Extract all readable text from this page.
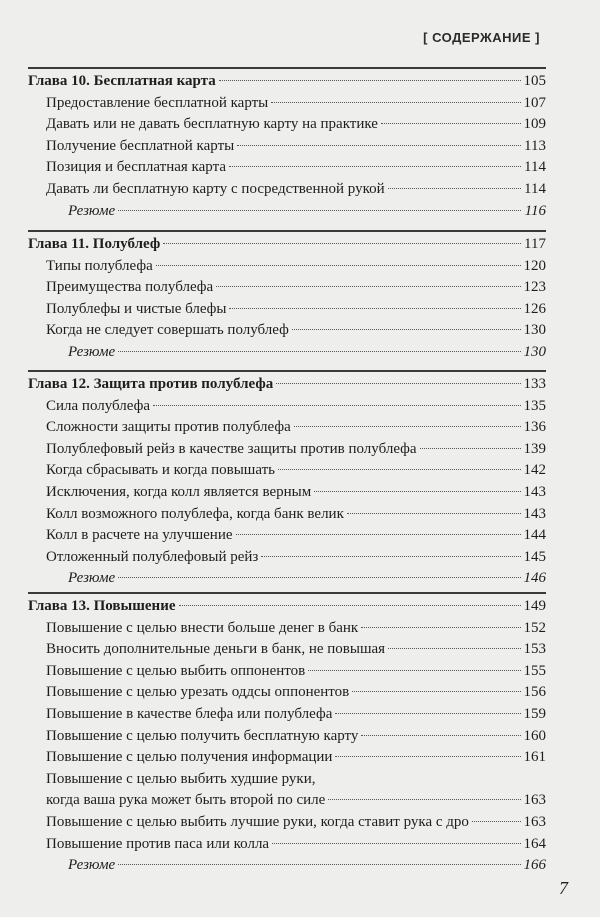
[ СОДЕРЖАНИЕ ]
Глава 10. Бесплатная карта	105
Предоставление бесплатной карты	107
Давать или не давать бесплатную карту на практике	109
Получение бесплатной карты	113
Позиция и бесплатная карта	114
Давать ли бесплатную карту с посредственной рукой	114
Резюме	116
Глава 11. Полублеф	117
Типы полублефа	120
Преимущества полублефа	123
Полублефы и чистые блефы	126
Когда не следует совершать полублеф	130
Резюме	130
Глава 12. Защита против полублефа	133
Сила полублефа	135
Сложности защиты против полублефа	136
Полублефовый рейз в качестве защиты против полублефа	139
Когда сбрасывать и когда повышать	142
Исключения, когда колл является верным	143
Колл возможного полублефа, когда банк велик	143
Колл в расчете на улучшение	144
Отложенный полублефовый рейз	145
Резюме	146
Глава 13. Повышение	149
Повышение с целью внести больше денег в банк	152
Вносить дополнительные деньги в банк, не повышая	153
Повышение с целью выбить оппонентов	155
Повышение с целью урезать оддсы оппонентов	156
Повышение в качестве блефа или полублефа	159
Повышение с целью получить бесплатную карту	160
Повышение с целью получения информации	161
Повышение с целью выбить худшие руки,
когда ваша рука может быть второй по силе	163
Повышение с целью выбить лучшие руки, когда ставит рука с дро	163
Повышение против паса или колла	164
Резюме	166
7
